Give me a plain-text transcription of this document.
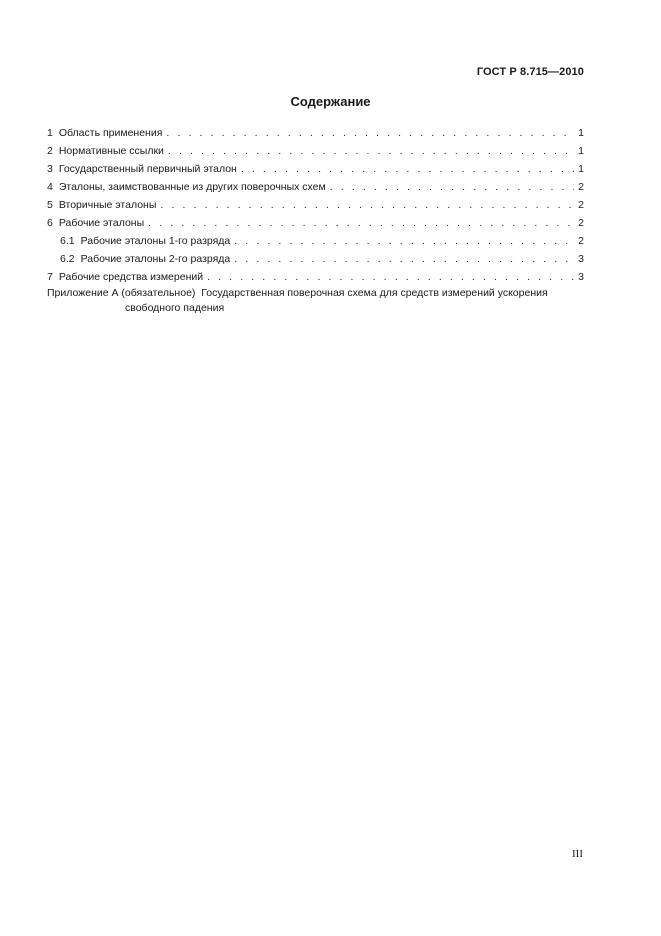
ГОСТ Р 8.715—2010
Содержание
1 Область применения . . .	1
2 Нормативные ссылки . . .	1
3 Государственный первичный эталон . . .	1
4 Эталоны, заимствованные из других поверочных схем . . .	2
5 Вторичные эталоны . . .	2
6 Рабочие эталоны . . .	2
6.1 Рабочие эталоны 1-го разряда . . .	2
6.2 Рабочие эталоны 2-го разряда . . .	3
7 Рабочие средства измерений . . .	3
Приложение А (обязательное) Государственная поверочная схема для средств измерений ускорения
свободного падения
III
